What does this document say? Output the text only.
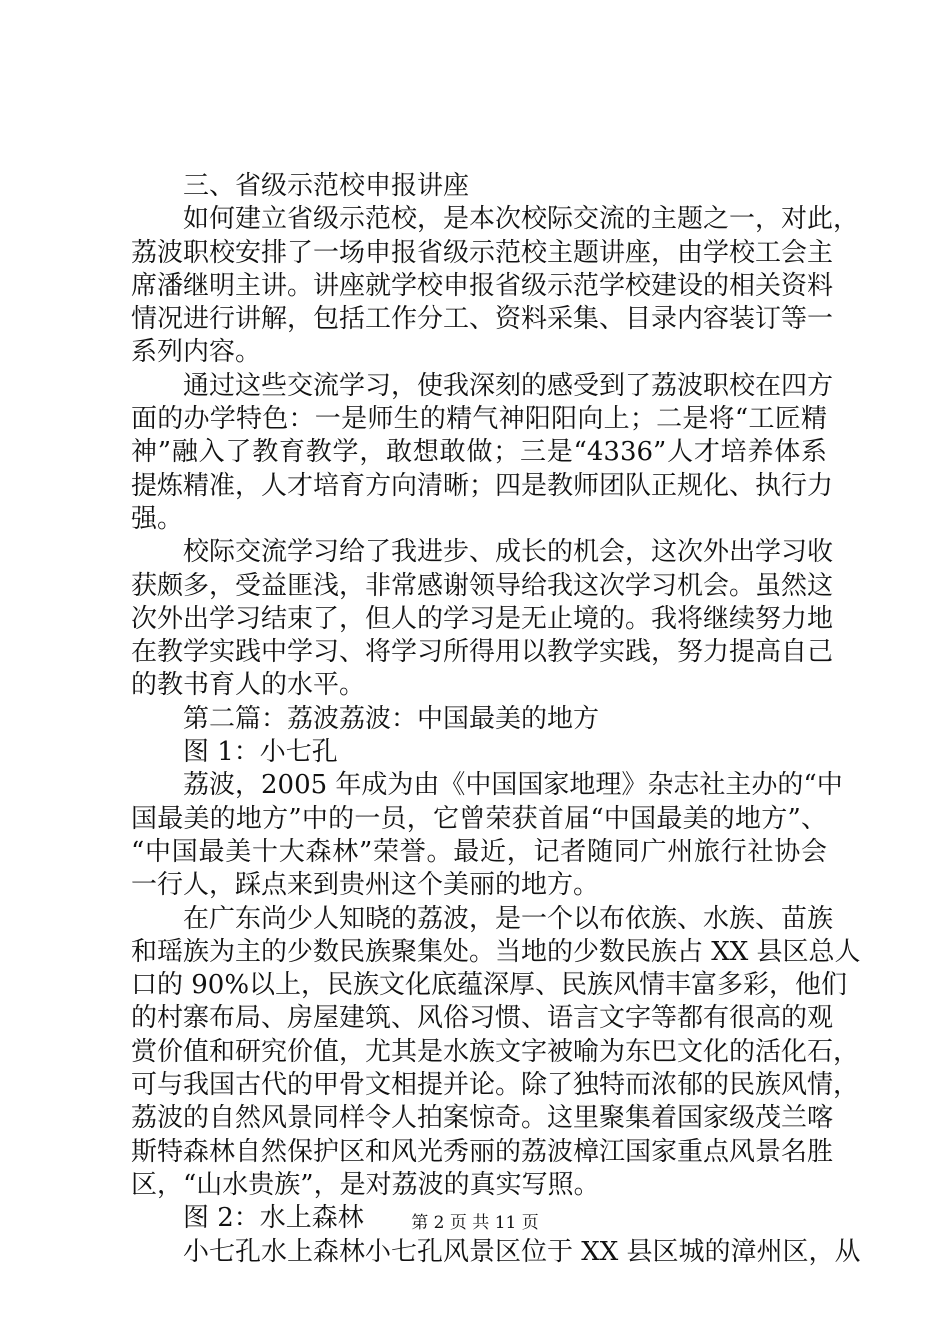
三、省级示范校申报讲座
如何建立省级示范校，是本次校际交流的主题之一，对此，
荔波职校安排了一场申报省级示范校主题讲座，由学校工会主
席潘继明主讲。讲座就学校申报省级示范学校建设的相关资料
情况进行讲解，包括工作分工、资料采集、目录内容装订等一
系列内容。
通过这些交流学习，使我深刻的感受到了荔波职校在四方
面的办学特色：一是师生的精气神阳阳向上；二是将“工匠精
神”融入了教育教学，敢想敢做；三是“4336”人才培养体系
提炼精准，人才培育方向清晰；四是教师团队正规化、执行力
强。
校际交流学习给了我进步、成长的机会，这次外出学习收
获颇多，受益匪浅，非常感谢领导给我这次学习机会。虽然这
次外出学习结束了，但人的学习是无止境的。我将继续努力地
在教学实践中学习、将学习所得用以教学实践，努力提高自己
的教书育人的水平。
第二篇：荔波荔波：中国最美的地方
图 1：小七孔
荔波，2005 年成为由《中国国家地理》杂志社主办的“中
国最美的地方”中的一员，它曾荣获首届“中国最美的地方”、
“中国最美十大森林”荣誉。最近，记者随同广州旅行社协会
一行人，踩点来到贵州这个美丽的地方。
在广东尚少人知晓的荔波，是一个以布依族、水族、苗族
和瑶族为主的少数民族聚集处。当地的少数民族占 XX 县区总人
口的 90%以上，民族文化底蕴深厚、民族风情丰富多彩，他们
的村寨布局、房屋建筑、风俗习惯、语言文字等都有很高的观
赏价值和研究价值，尤其是水族文字被喻为东巴文化的活化石，
可与我国古代的甲骨文相提并论。除了独特而浓郁的民族风情，
荔波的自然风景同样令人拍案惊奇。这里聚集着国家级茂兰喀
斯特森林自然保护区和风光秀丽的荔波樟江国家重点风景名胜
区，“山水贵族”，是对荔波的真实写照。
图 2：水上森林
小七孔水上森林小七孔风景区位于 XX 县区城的漳州区，从
第 2 页 共 11 页
